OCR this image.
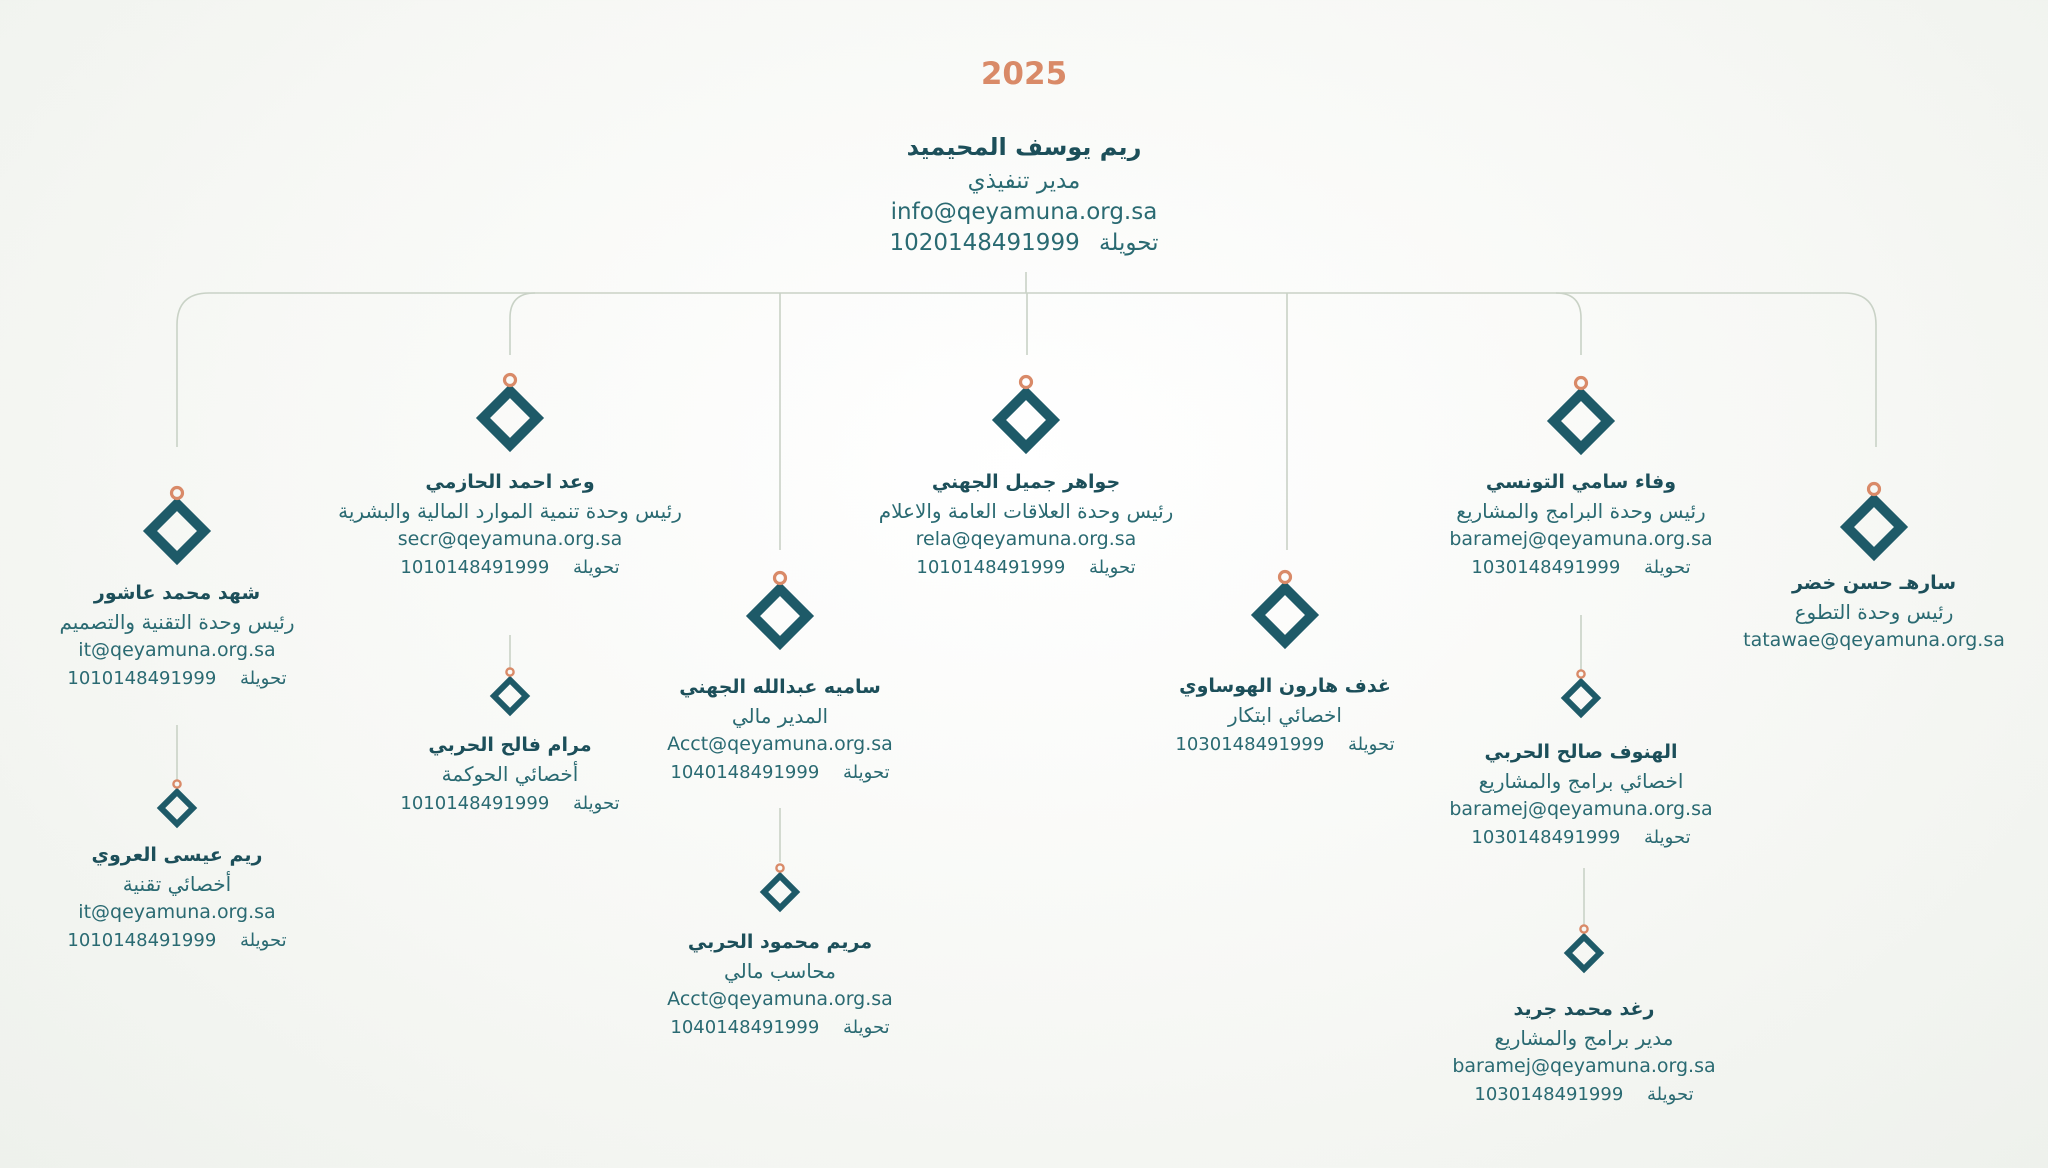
2025
ريم يوسف المحيميد
مدير تنفيذي
info@qeyamuna.org.sa
تحويلة 1020148491999
شهد محمد عاشور
رئيس وحدة التقنية والتصميم
it@qeyamuna.org.sa
تحويلة 1010148491999
ريم عيسى العروي
أخصائي تقنية
it@qeyamuna.org.sa
تحويلة 1010148491999
وعد احمد الحازمي
رئيس وحدة تنمية الموارد المالية والبشرية
secr@qeyamuna.org.sa
تحويلة 1010148491999
مرام فالح الحربي
أخصائي الحوكمة
تحويلة 1010148491999
ساميه عبدالله الجهني
المدير مالي
Acct@qeyamuna.org.sa
تحويلة 1040148491999
مريم محمود الحربي
محاسب مالي
Acct@qeyamuna.org.sa
تحويلة 1040148491999
جواهر جميل الجهني
رئيس وحدة العلاقات العامة والاعلام
rela@qeyamuna.org.sa
تحويلة 1010148491999
غدف هارون الهوساوي
اخصائي ابتكار
تحويلة 1030148491999
وفاء سامي التونسي
رئيس وحدة البرامج والمشاريع
baramej@qeyamuna.org.sa
تحويلة 1030148491999
الهنوف صالح الحربي
اخصائي برامج والمشاريع
baramej@qeyamuna.org.sa
تحويلة 1030148491999
رغد محمد جريد
مدير برامج والمشاريع
baramej@qeyamuna.org.sa
تحويلة 1030148491999
سارهـ حسن خضر
رئيس وحدة التطوع
tatawae@qeyamuna.org.sa
